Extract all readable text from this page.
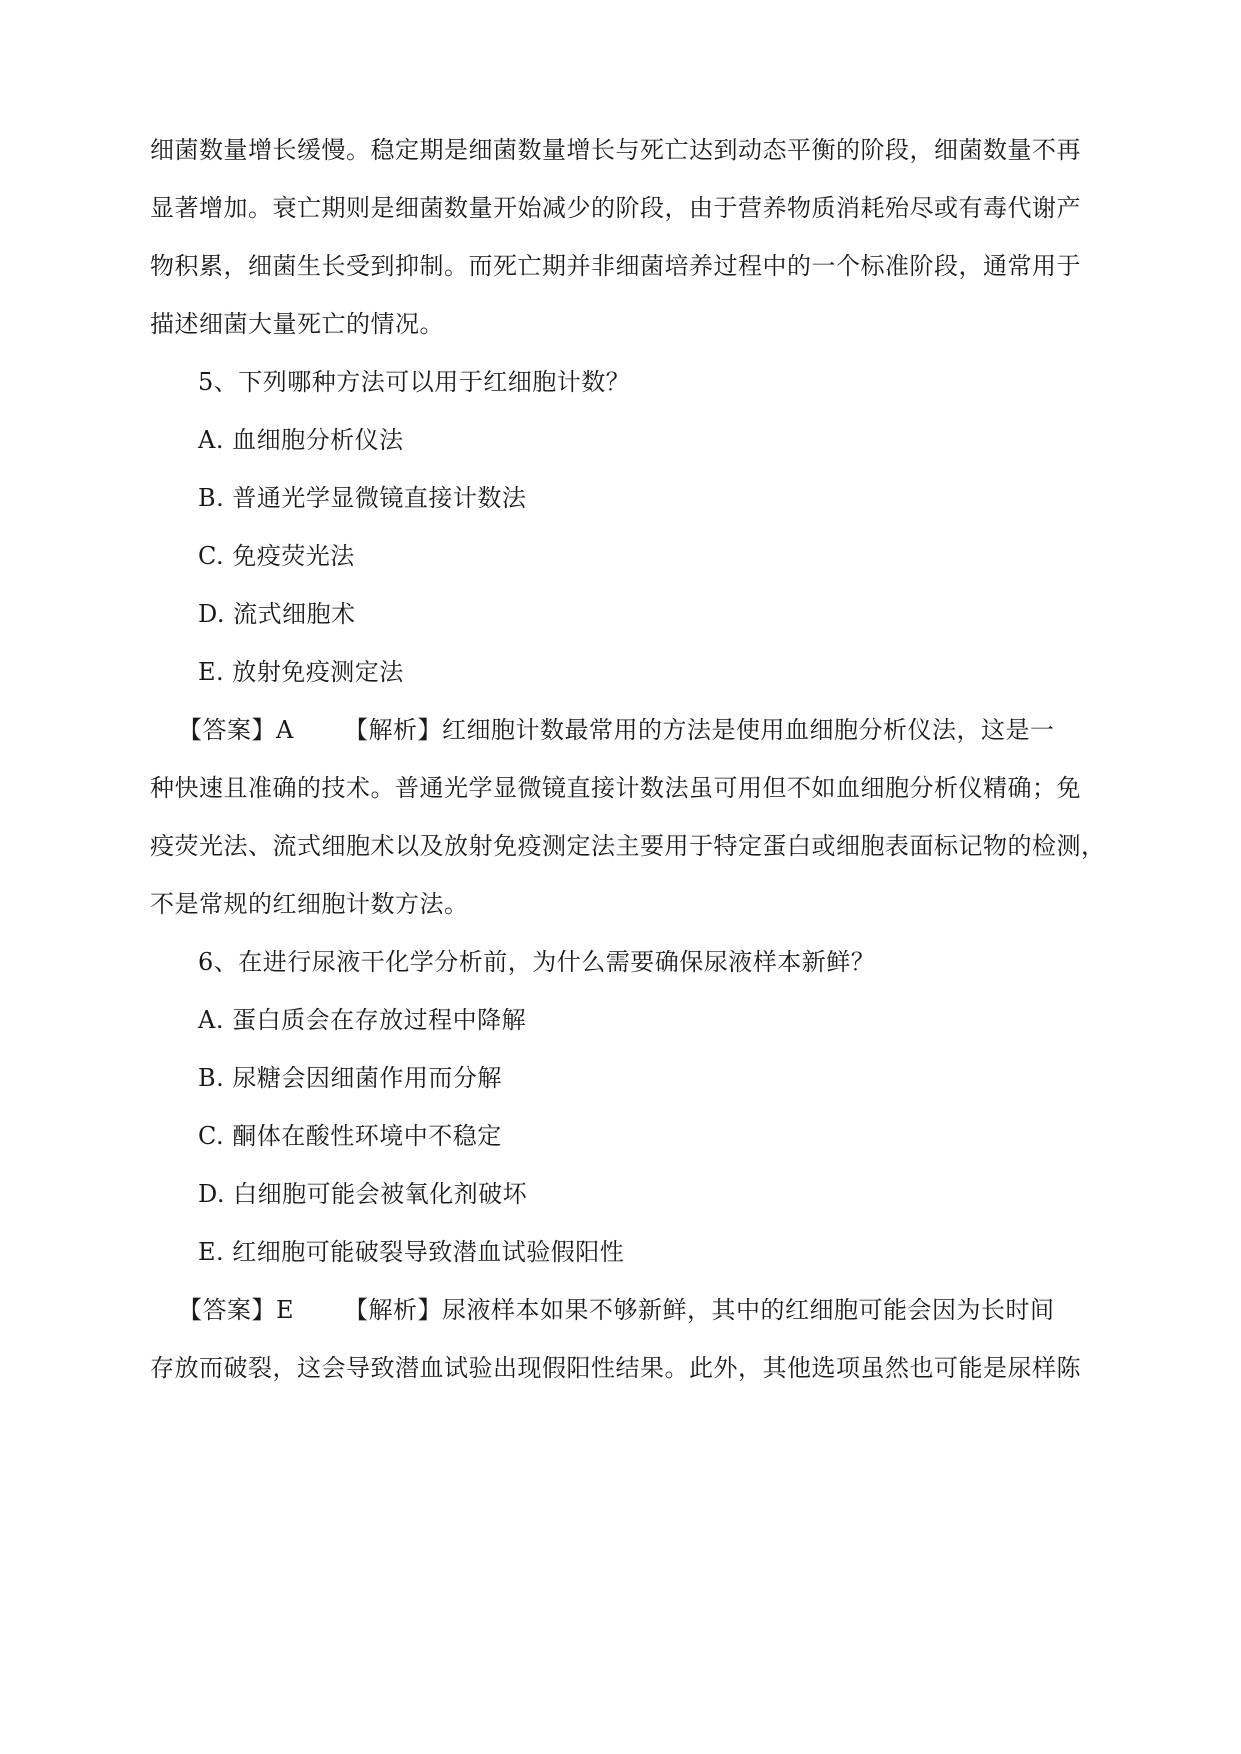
细菌数量增长缓慢。稳定期是细菌数量增长与死亡达到动态平衡的阶段，细菌数量不再
显著增加。衰亡期则是细菌数量开始减少的阶段，由于营养物质消耗殆尽或有毒代谢产
物积累，细菌生长受到抑制。而死亡期并非细菌培养过程中的一个标准阶段，通常用于
描述细菌大量死亡的情况。
5、下列哪种方法可以用于红细胞计数？
A. 血细胞分析仪法
B. 普通光学显微镜直接计数法
C. 免疫荧光法
D. 流式细胞术
E. 放射免疫测定法
【答案】A 【解析】红细胞计数最常用的方法是使用血细胞分析仪法，这是一
种快速且准确的技术。普通光学显微镜直接计数法虽可用但不如血细胞分析仪精确；免
疫荧光法、流式细胞术以及放射免疫测定法主要用于特定蛋白或细胞表面标记物的检测，
不是常规的红细胞计数方法。
6、在进行尿液干化学分析前，为什么需要确保尿液样本新鲜？
A. 蛋白质会在存放过程中降解
B. 尿糖会因细菌作用而分解
C. 酮体在酸性环境中不稳定
D. 白细胞可能会被氧化剂破坏
E. 红细胞可能破裂导致潜血试验假阳性
【答案】E 【解析】尿液样本如果不够新鲜，其中的红细胞可能会因为长时间
存放而破裂，这会导致潜血试验出现假阳性结果。此外，其他选项虽然也可能是尿样陈
